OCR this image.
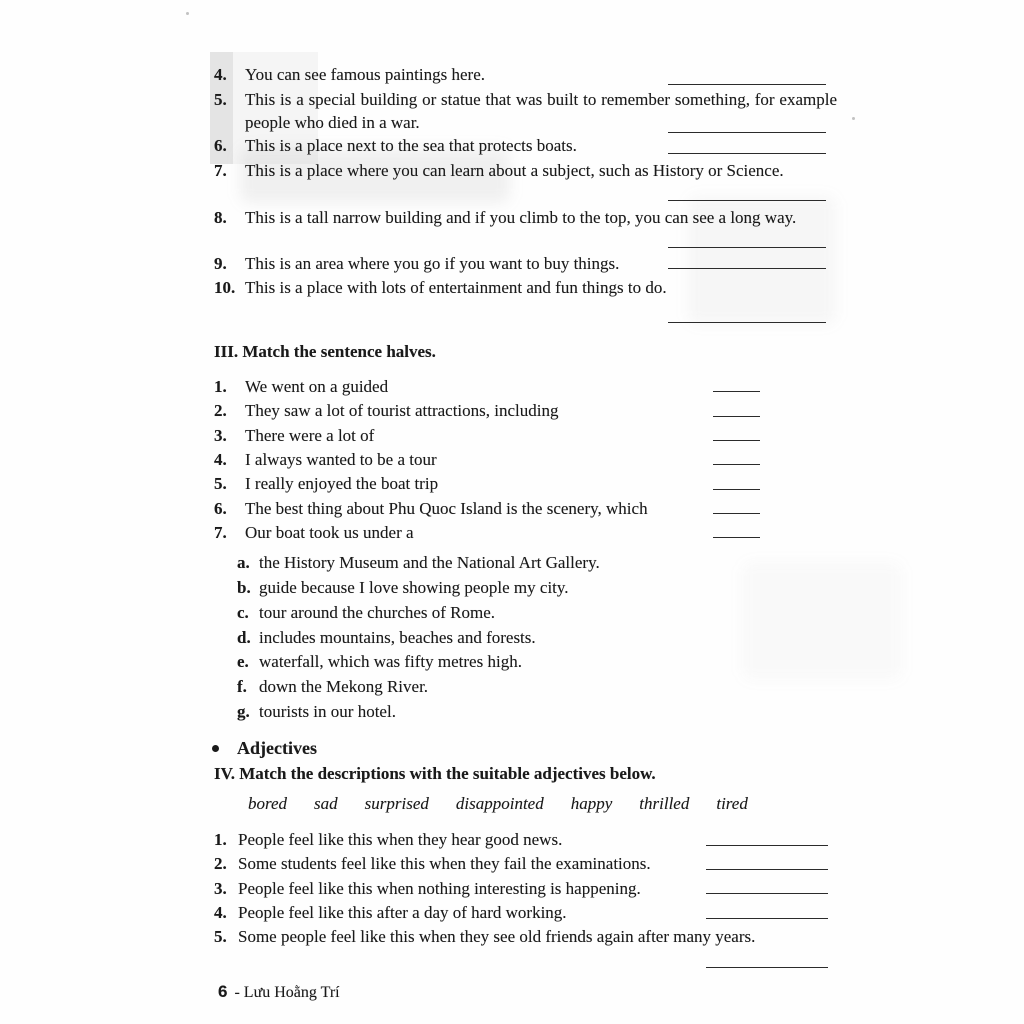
4.	You can see famous paintings here.
5.	This is a special building or statue that was built to remember something, for example people who died in a war.
6.	This is a place next to the sea that protects boats.
7.	This is a place where you can learn about a subject, such as History or Science.
8.	This is a tall narrow building and if you climb to the top, you can see a long way.
9.	This is an area where you go if you want to buy things.
10. This is a place with lots of entertainment and fun things to do.
III. Match the sentence halves.
1.	We went on a guided
2.	They saw a lot of tourist attractions, including
3.	There were a lot of
4.	I always wanted to be a tour
5.	I really enjoyed the boat trip
6.	The best thing about Phu Quoc Island is the scenery, which
7.	Our boat took us under a
a. the History Museum and the National Art Gallery.
b. guide because I love showing people my city.
c. tour around the churches of Rome.
d. includes mountains, beaches and forests.
e. waterfall, which was fifty metres high.
f. down the Mekong River.
g. tourists in our hotel.
Adjectives
IV. Match the descriptions with the suitable adjectives below.
bored sad surprised disappointed happy thrilled tired
1. People feel like this when they hear good news.
2. Some students feel like this when they fail the examinations.
3. People feel like this when nothing interesting is happening.
4. People feel like this after a day of hard working.
5. Some people feel like this when they see old friends again after many years.
6 - Lưu Hoằng Trí
